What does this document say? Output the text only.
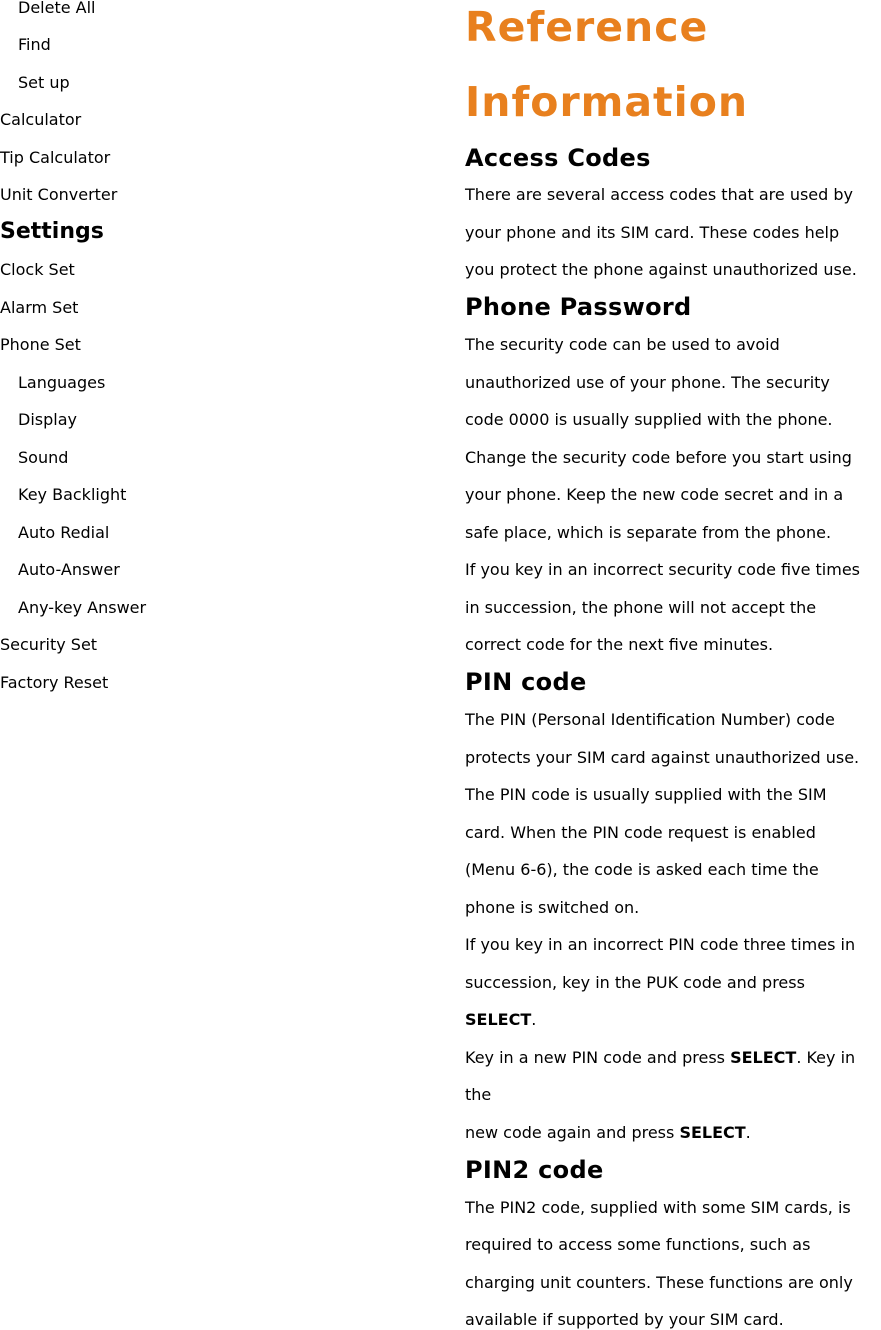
Delete All
Find
Set up
Calculator
Tip Calculator
Unit Converter
Settings
Clock Set
Alarm Set
Phone Set
Languages
Display
Sound
Key Backlight
Auto Redial
Auto-Answer
Any-key Answer
Security Set
Factory Reset
Reference
Information
Access Codes
There are several access codes that are used by
your phone and its SIM card. These codes help
you protect the phone against unauthorized use.
Phone Password
The security code can be used to avoid
unauthorized use of your phone. The security
code 0000 is usually supplied with the phone.
Change the security code before you start using
your phone. Keep the new code secret and in a
safe place, which is separate from the phone.
If you key in an incorrect security code five times
in succession, the phone will not accept the
correct code for the next five minutes.
PIN code
The PIN (Personal Identification Number) code
protects your SIM card against unauthorized use.
The PIN code is usually supplied with the SIM
card. When the PIN code request is enabled
(Menu 6-6), the code is asked each time the
phone is switched on.
If you key in an incorrect PIN code three times in
succession, key in the PUK code and press
SELECT.
Key in a new PIN code and press SELECT. Key in
the
new code again and press SELECT.
PIN2 code
The PIN2 code, supplied with some SIM cards, is
required to access some functions, such as
charging unit counters. These functions are only
available if supported by your SIM card.
